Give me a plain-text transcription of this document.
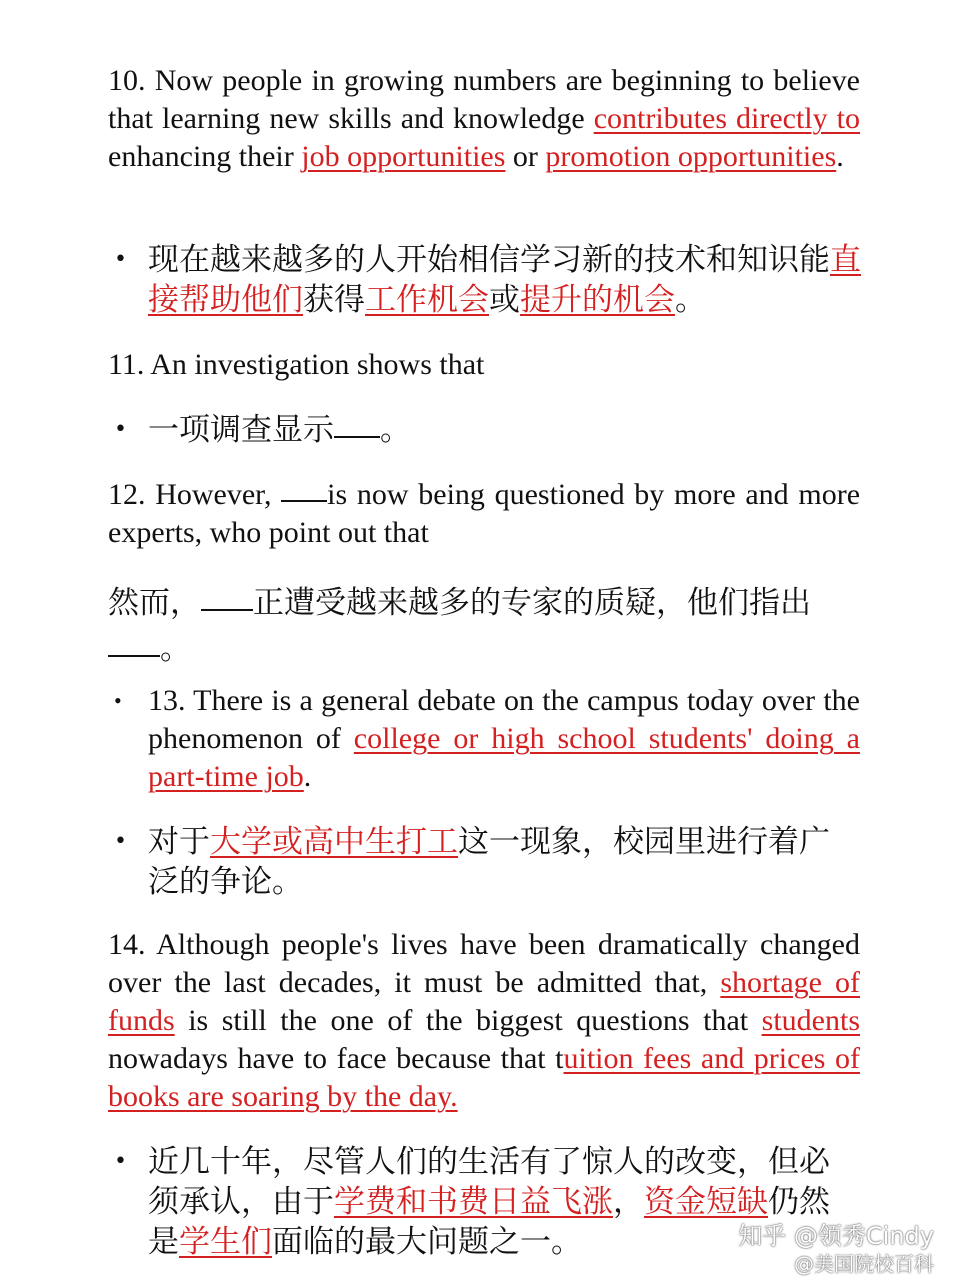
10. Now people in growing numbers are beginning to believe that learning new skills and knowledge contributes directly to enhancing their job opportunities or promotion opportunities.

• 现在越来越多的人开始相信学习新的技术和知识能直接帮助他们获得工作机会或提升的机会。

11. An investigation shows that

• 一项调查显示 。

12. However, is now being questioned by more and more experts, who point out that

然而， 正遭受越来越多的专家的质疑，他们指出。

• 13. There is a general debate on the campus today over the phenomenon of college or high school students' doing a part-time job.

• 对于大学或高中生打工这一现象，校园里进行着广泛的争论。

14. Although people's lives have been dramatically changed over the last decades, it must be admitted that, shortage of funds is still the one of the biggest questions that students nowadays have to face because that tuition fees and prices of books are soaring by the day.

• 近几十年，尽管人们的生活有了惊人的改变，但必须承认，由于学费和书费日益飞涨，资金短缺仍然是学生们面临的最大问题之一。	知乎 @领秀Cindy
@美国院校百科
